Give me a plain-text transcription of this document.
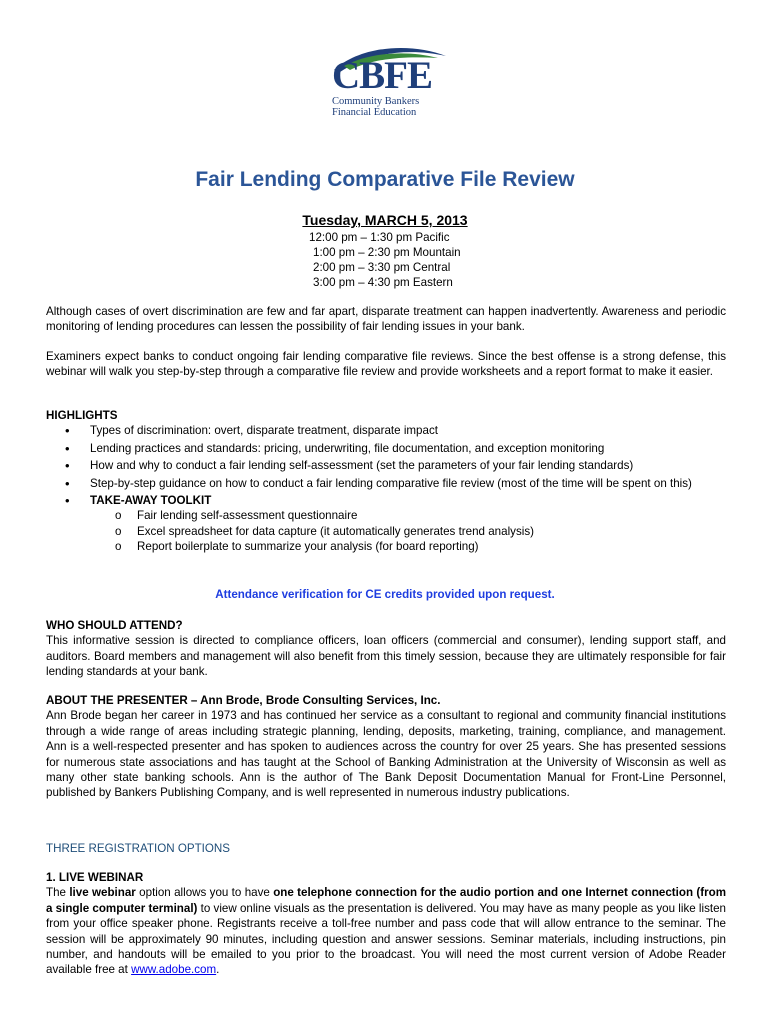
CBFE
Community Bankers
Financial Education
Fair Lending Comparative File Review
Tuesday, MARCH 5, 2013
12:00 pm – 1:30 pm Pacific
1:00 pm – 2:30 pm Mountain
2:00 pm – 3:30 pm Central
3:00 pm – 4:30 pm Eastern
Although cases of overt discrimination are few and far apart, disparate treatment can happen inadvertently. Awareness and periodic monitoring of lending procedures can lessen the possibility of fair lending issues in your bank.
Examiners expect banks to conduct ongoing fair lending comparative file reviews. Since the best offense is a strong defense, this webinar will walk you step-by-step through a comparative file review and provide worksheets and a report format to make it easier.
HIGHLIGHTS
• Types of discrimination: overt, disparate treatment, disparate impact
• Lending practices and standards: pricing, underwriting, file documentation, and exception monitoring
• How and why to conduct a fair lending self-assessment (set the parameters of your fair lending standards)
• Step-by-step guidance on how to conduct a fair lending comparative file review (most of the time will be spent on this)
• TAKE-AWAY TOOLKIT
o Fair lending self-assessment questionnaire
o Excel spreadsheet for data capture (it automatically generates trend analysis)
o Report boilerplate to summarize your analysis (for board reporting)
Attendance verification for CE credits provided upon request.
WHO SHOULD ATTEND?
This informative session is directed to compliance officers, loan officers (commercial and consumer), lending support staff, and auditors. Board members and management will also benefit from this timely session, because they are ultimately responsible for fair lending standards at your bank.
ABOUT THE PRESENTER – Ann Brode, Brode Consulting Services, Inc.
Ann Brode began her career in 1973 and has continued her service as a consultant to regional and community financial institutions through a wide range of areas including strategic planning, lending, deposits, marketing, training, compliance, and management. Ann is a well-respected presenter and has spoken to audiences across the country for over 25 years. She has presented sessions for numerous state associations and has taught at the School of Banking Administration at the University of Wisconsin as well as many other state banking schools. Ann is the author of The Bank Deposit Documentation Manual for Front-Line Personnel, published by Bankers Publishing Company, and is well represented in numerous industry publications.
THREE REGISTRATION OPTIONS
1. LIVE WEBINAR
The live webinar option allows you to have one telephone connection for the audio portion and one Internet connection (from a single computer terminal) to view online visuals as the presentation is delivered. You may have as many people as you like listen from your office speaker phone. Registrants receive a toll-free number and pass code that will allow entrance to the seminar. The session will be approximately 90 minutes, including question and answer sessions. Seminar materials, including instructions, pin number, and handouts will be emailed to you prior to the broadcast. You will need the most current version of Adobe Reader available free at www.adobe.com.
